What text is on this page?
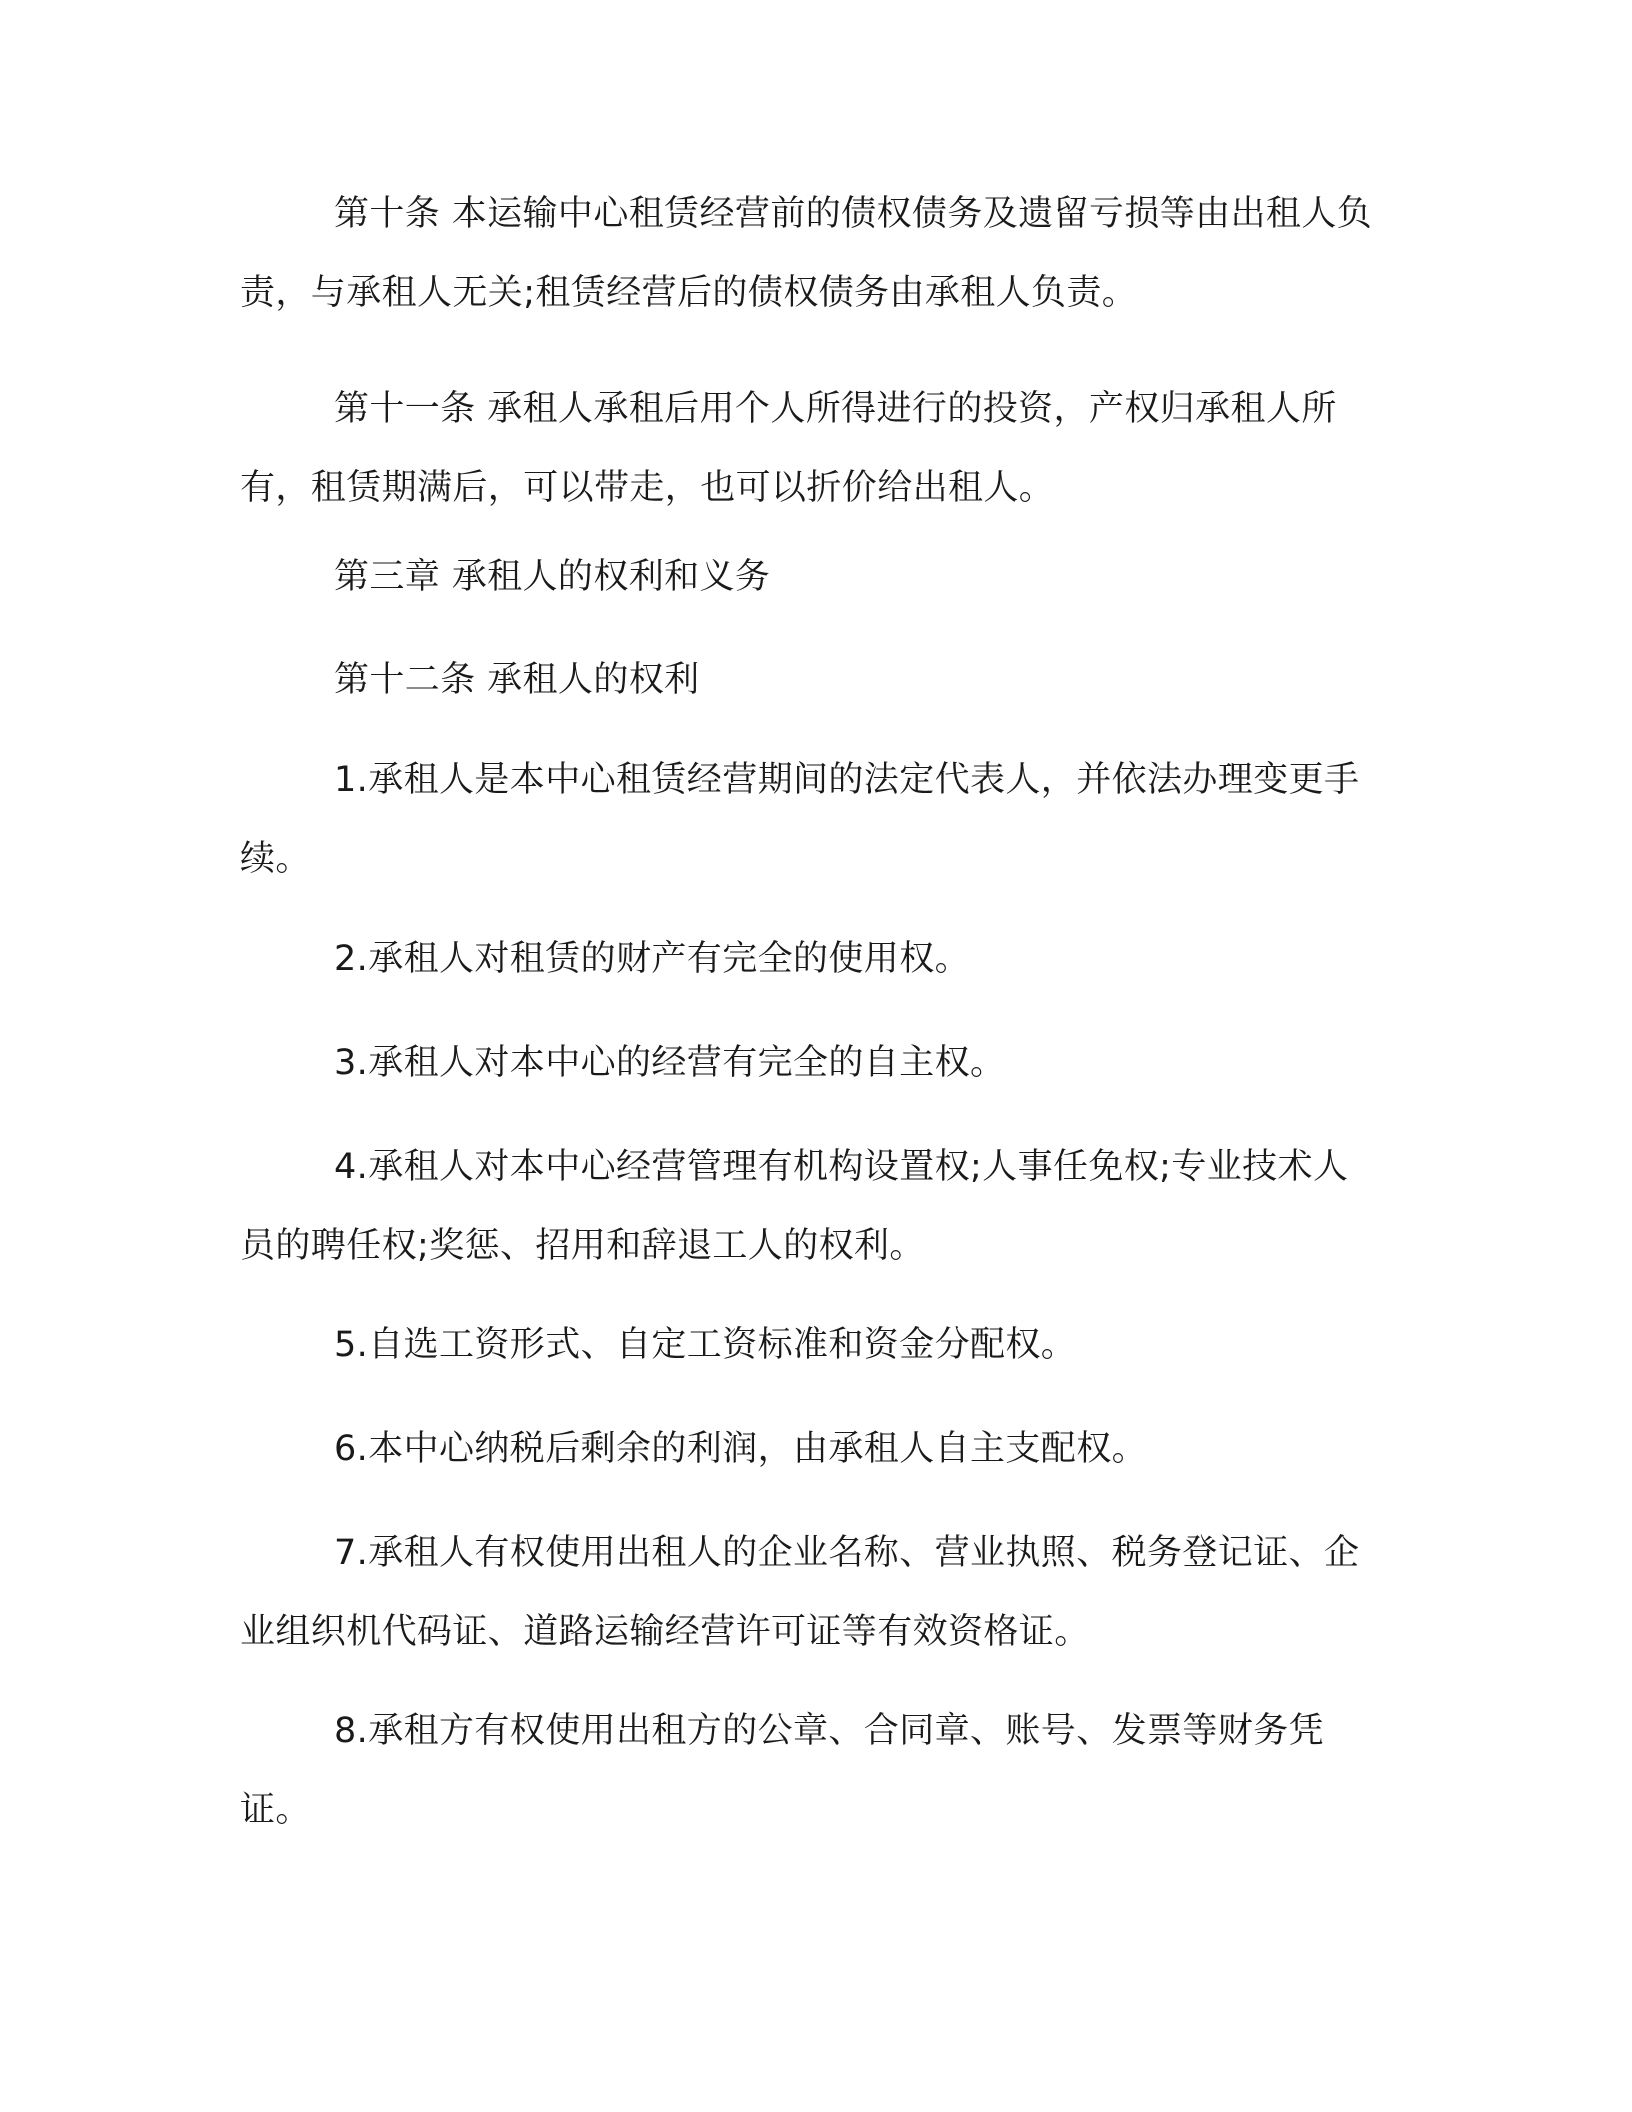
第十条 本运输中心租赁经营前的债权债务及遗留亏损等由出租人负责，与承租人无关;租赁经营后的债权债务由承租人负责。

第十一条 承租人承租后用个人所得进行的投资，产权归承租人所有，租赁期满后，可以带走，也可以折价给出租人。

第三章 承租人的权利和义务

第十二条 承租人的权利

1.承租人是本中心租赁经营期间的法定代表人，并依法办理变更手续。

2.承租人对租赁的财产有完全的使用权。

3.承租人对本中心的经营有完全的自主权。

4.承租人对本中心经营管理有机构设置权;人事任免权;专业技术人员的聘任权;奖惩、招用和辞退工人的权利。

5.自选工资形式、自定工资标准和资金分配权。

6.本中心纳税后剩余的利润，由承租人自主支配权。

7.承租人有权使用出租人的企业名称、营业执照、税务登记证、企业组织机代码证、道路运输经营许可证等有效资格证。

8.承租方有权使用出租方的公章、合同章、账号、发票等财务凭证。
